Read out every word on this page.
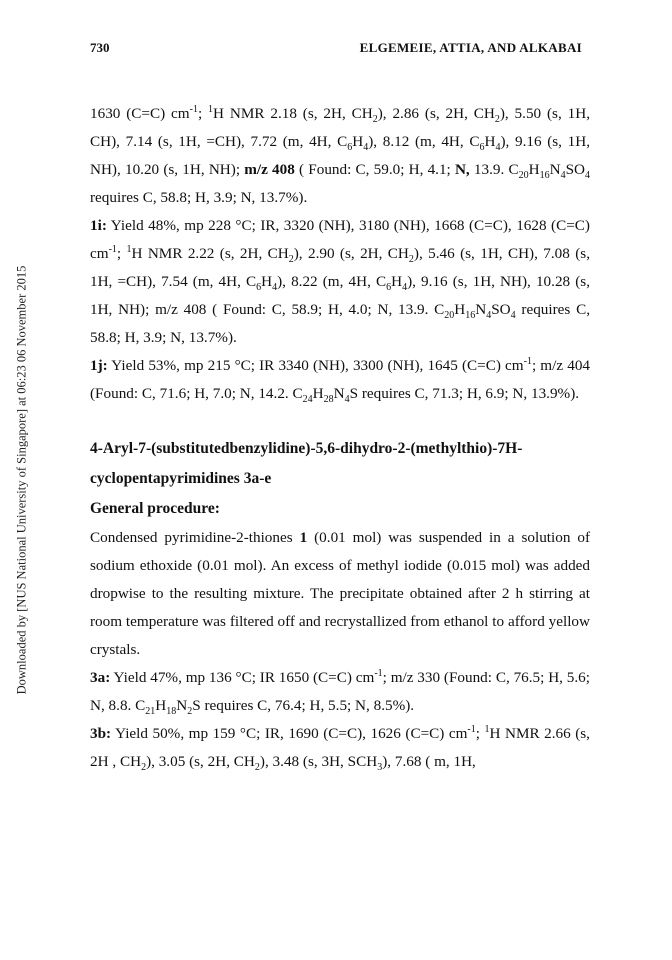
730	ELGEMEIE, ATTIA, AND ALKABAI
Downloaded by [NUS National University of Singapore] at 06:23 06 November 2015

1630 (C=C) $cm^{-1}$; $^1$H NMR 2.18 (s, 2H, $CH_2$), 2.86 (s, 2H, $CH_2$), 5.50 (s, 1H, CH), 7.14 (s, 1H, =CH), 7.72 (m, 4H, $C_6H_4$), 8.12 (m, 4H, $C_6H_4$), 9.16 (s, 1H, NH), 10.20 (s, 1H, NH); m/z 408 ( Found: C, 59.0; H, 4.1; N, 13.9. $C_{20}H_{16}N_4SO_4$ requires C, 58.8; H, 3.9; N, 13.7%).

1i: Yield 48%, mp 228 °C; IR, 3320 (NH), 3180 (NH), 1668 (C=C), 1628 (C=C) $cm^{-1}$; $^1$H NMR 2.22 (s, 2H, $CH_2$), 2.90 (s, 2H, $CH_2$), 5.46 (s, 1H, CH), 7.08 (s, 1H, =CH), 7.54 (m, 4H, $C_6H_4$), 8.22 (m, 4H, $C_6H_4$), 9.16 (s, 1H, NH), 10.28 (s, 1H, NH); m/z 408 ( Found: C, 58.9; H, 4.0; N, 13.9. $C_{20}H_{16}N_4SO_4$ requires C, 58.8; H, 3.9; N, 13.7%).

1j: Yield 53%, mp 215 °C; IR 3340 (NH), 3300 (NH), 1645 (C=C) $cm^{-1}$; m/z 404 (Found: C, 71.6; H, 7.0; N, 14.2. $C_{24}H_{28}N_4S$ requires C, 71.3; H, 6.9; N, 13.9%).

4-Aryl-7-(substitutedbenzylidine)-5,6-dihydro-2-(methylthio)-7H-cyclopentapyrimidines 3a-e

General procedure:

Condensed pyrimidine-2-thiones 1 (0.01 mol) was suspended in a solution of sodium ethoxide (0.01 mol). An excess of methyl iodide (0.015 mol) was added dropwise to the resulting mixture. The precipitate obtained after 2 h stirring at room temperature was filtered off and recrystallized from ethanol to afford yellow crystals.

3a: Yield 47%, mp 136 °C; IR 1650 (C=C) $cm^{-1}$; m/z 330 (Found: C, 76.5; H, 5.6; N, 8.8. $C_{21}H_{18}N_2S$ requires C, 76.4; H, 5.5; N, 8.5%).

3b: Yield 50%, mp 159 °C; IR, 1690 (C=C), 1626 (C=C) $cm^{-1}$; $^1$H NMR 2.66 (s, 2H , $CH_2$), 3.05 (s, 2H, $CH_2$), 3.48 (s, 3H, $SCH_3$), 7.68 ( m, 1H,
